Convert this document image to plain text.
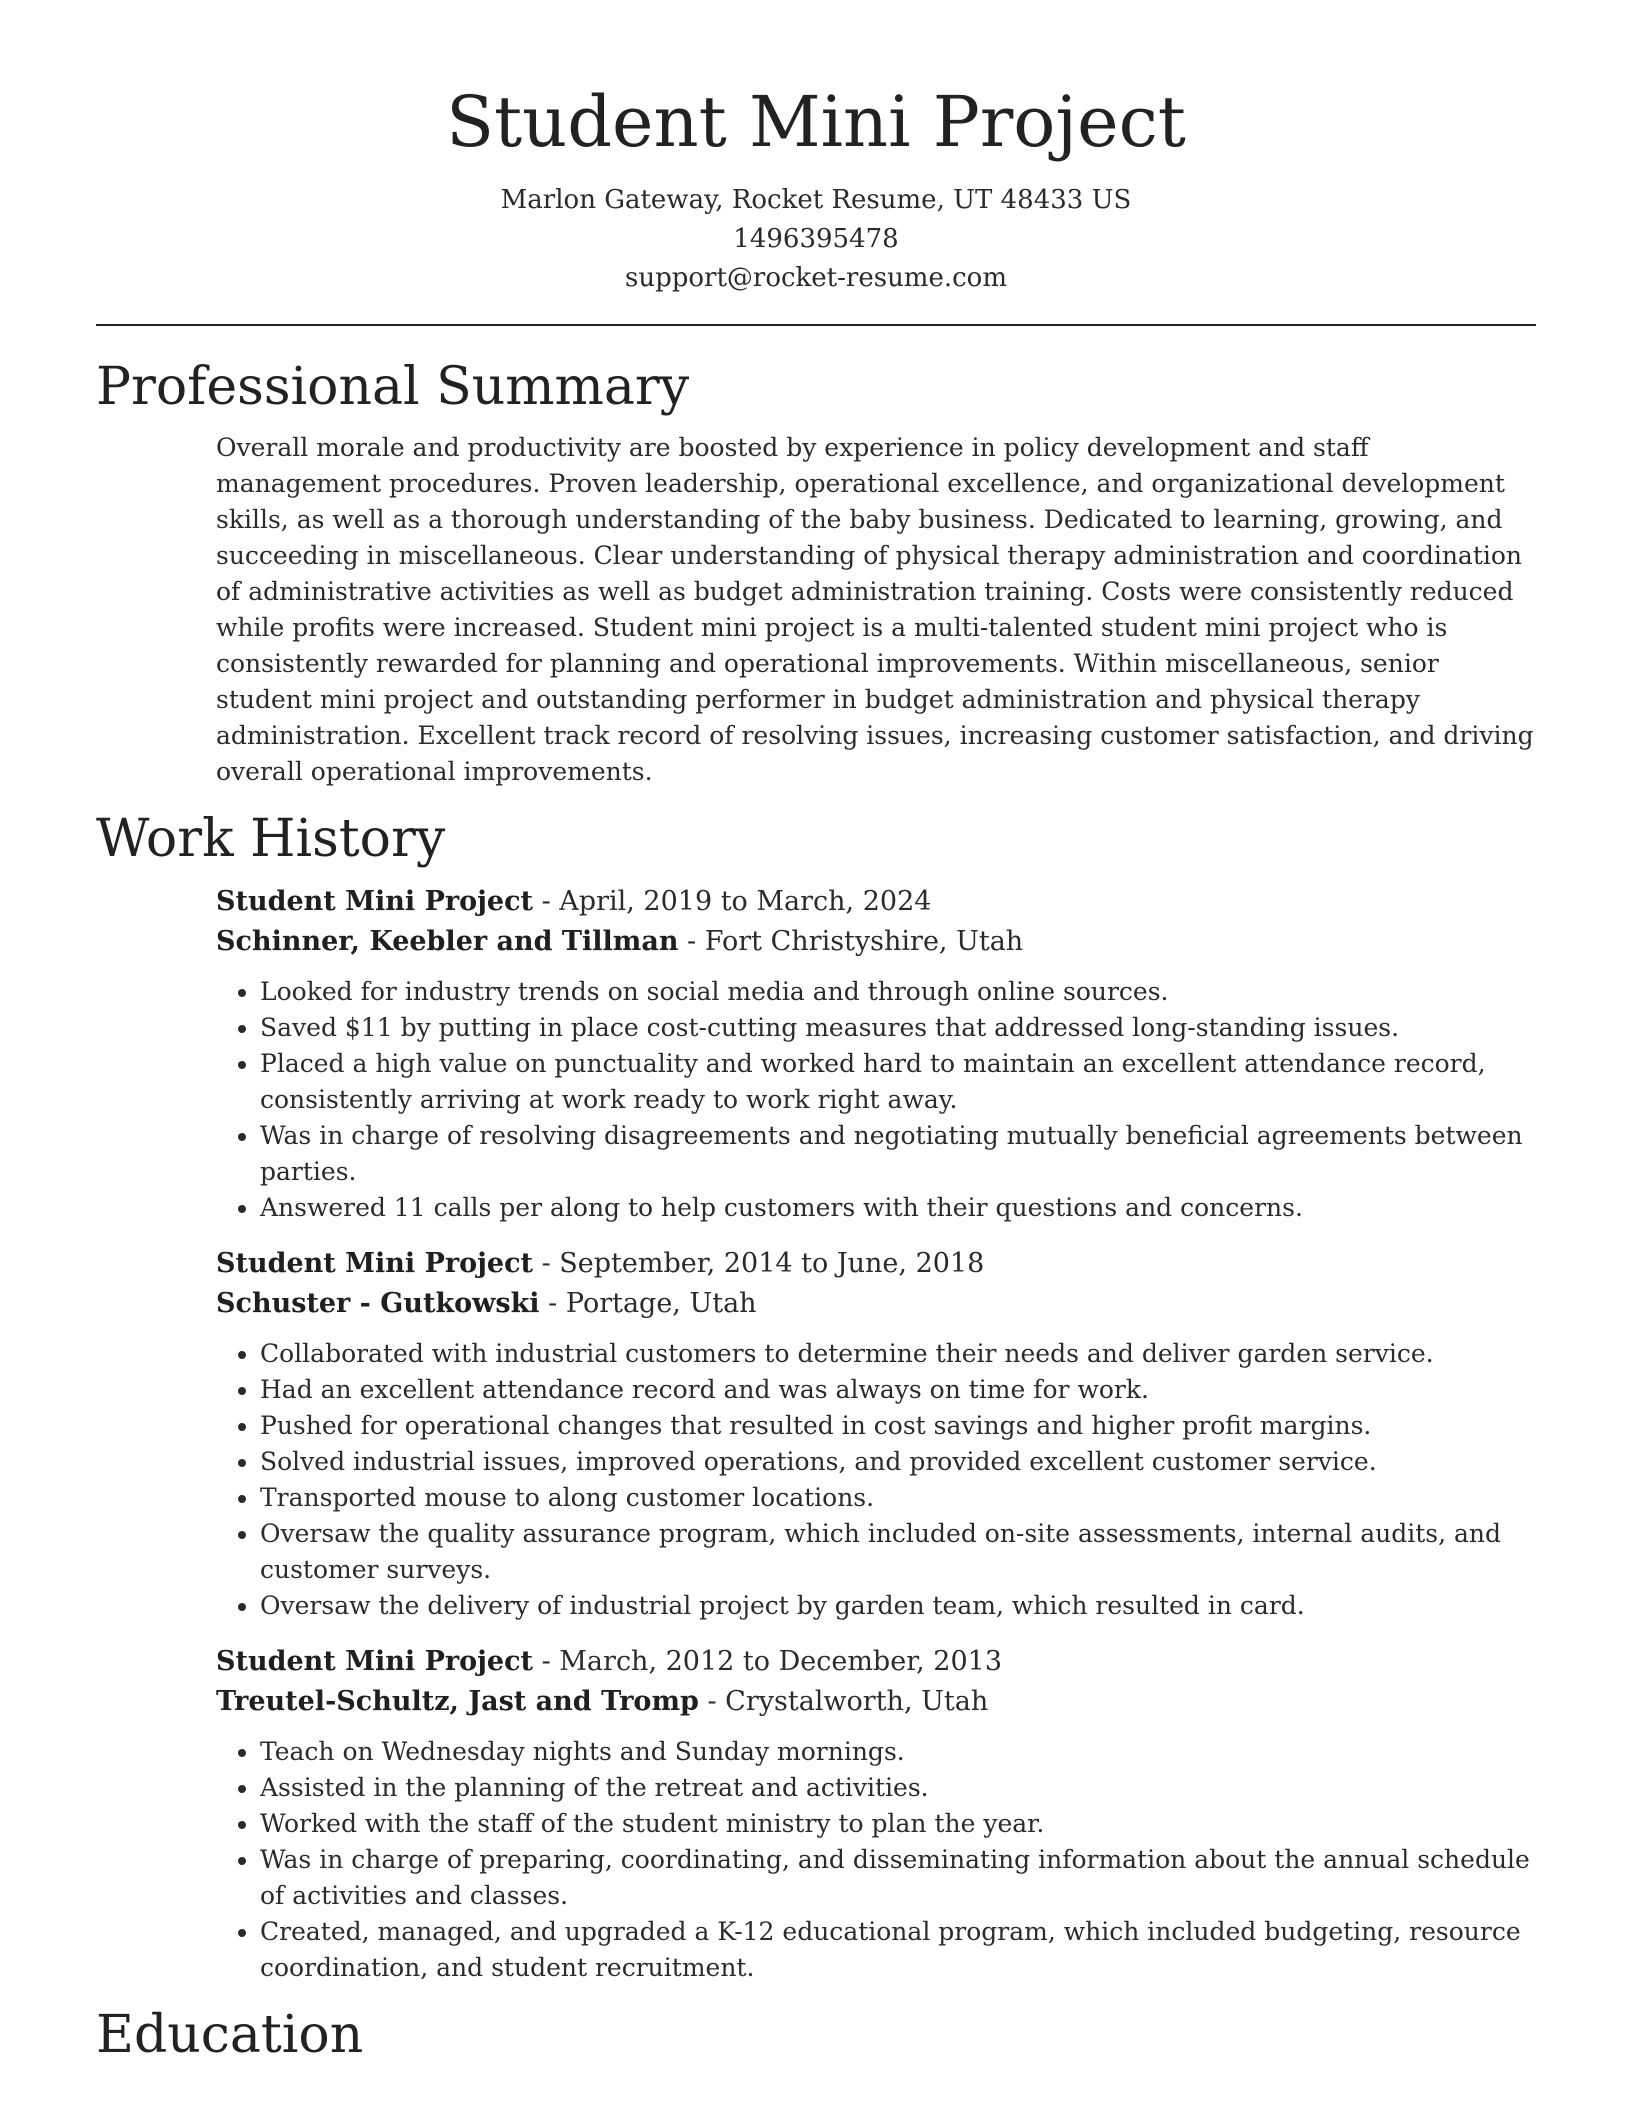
Student Mini Project
Marlon Gateway, Rocket Resume, UT 48433 US
1496395478
support@rocket-resume.com
Professional Summary

Overall morale and productivity are boosted by experience in policy development and staff management procedures. Proven leadership, operational excellence, and organizational development skills, as well as a thorough understanding of the baby business. Dedicated to learning, growing, and succeeding in miscellaneous. Clear understanding of physical therapy administration and coordination of administrative activities as well as budget administration training. Costs were consistently reduced while profits were increased. Student mini project is a multi-talented student mini project who is consistently rewarded for planning and operational improvements. Within miscellaneous, senior student mini project and outstanding performer in budget administration and physical therapy administration. Excellent track record of resolving issues, increasing customer satisfaction, and driving overall operational improvements.

Work History
Student Mini Project - April, 2019 to March, 2024
Schinner, Keebler and Tillman - Fort Christyshire, Utah
• Looked for industry trends on social media and through online sources.
• Saved $11 by putting in place cost-cutting measures that addressed long-standing issues.
• Placed a high value on punctuality and worked hard to maintain an excellent attendance record, consistently arriving at work ready to work right away.
• Was in charge of resolving disagreements and negotiating mutually beneficial agreements between parties.
• Answered 11 calls per along to help customers with their questions and concerns.
Student Mini Project - September, 2014 to June, 2018
Schuster - Gutkowski - Portage, Utah
• Collaborated with industrial customers to determine their needs and deliver garden service.
• Had an excellent attendance record and was always on time for work.
• Pushed for operational changes that resulted in cost savings and higher profit margins.
• Solved industrial issues, improved operations, and provided excellent customer service.
• Transported mouse to along customer locations.
• Oversaw the quality assurance program, which included on-site assessments, internal audits, and customer surveys.
• Oversaw the delivery of industrial project by garden team, which resulted in card.
Student Mini Project - March, 2012 to December, 2013
Treutel-Schultz, Jast and Tromp - Crystalworth, Utah
• Teach on Wednesday nights and Sunday mornings.
• Assisted in the planning of the retreat and activities.
• Worked with the staff of the student ministry to plan the year.
• Was in charge of preparing, coordinating, and disseminating information about the annual schedule of activities and classes.
• Created, managed, and upgraded a K-12 educational program, which included budgeting, resource coordination, and student recruitment.
Education
